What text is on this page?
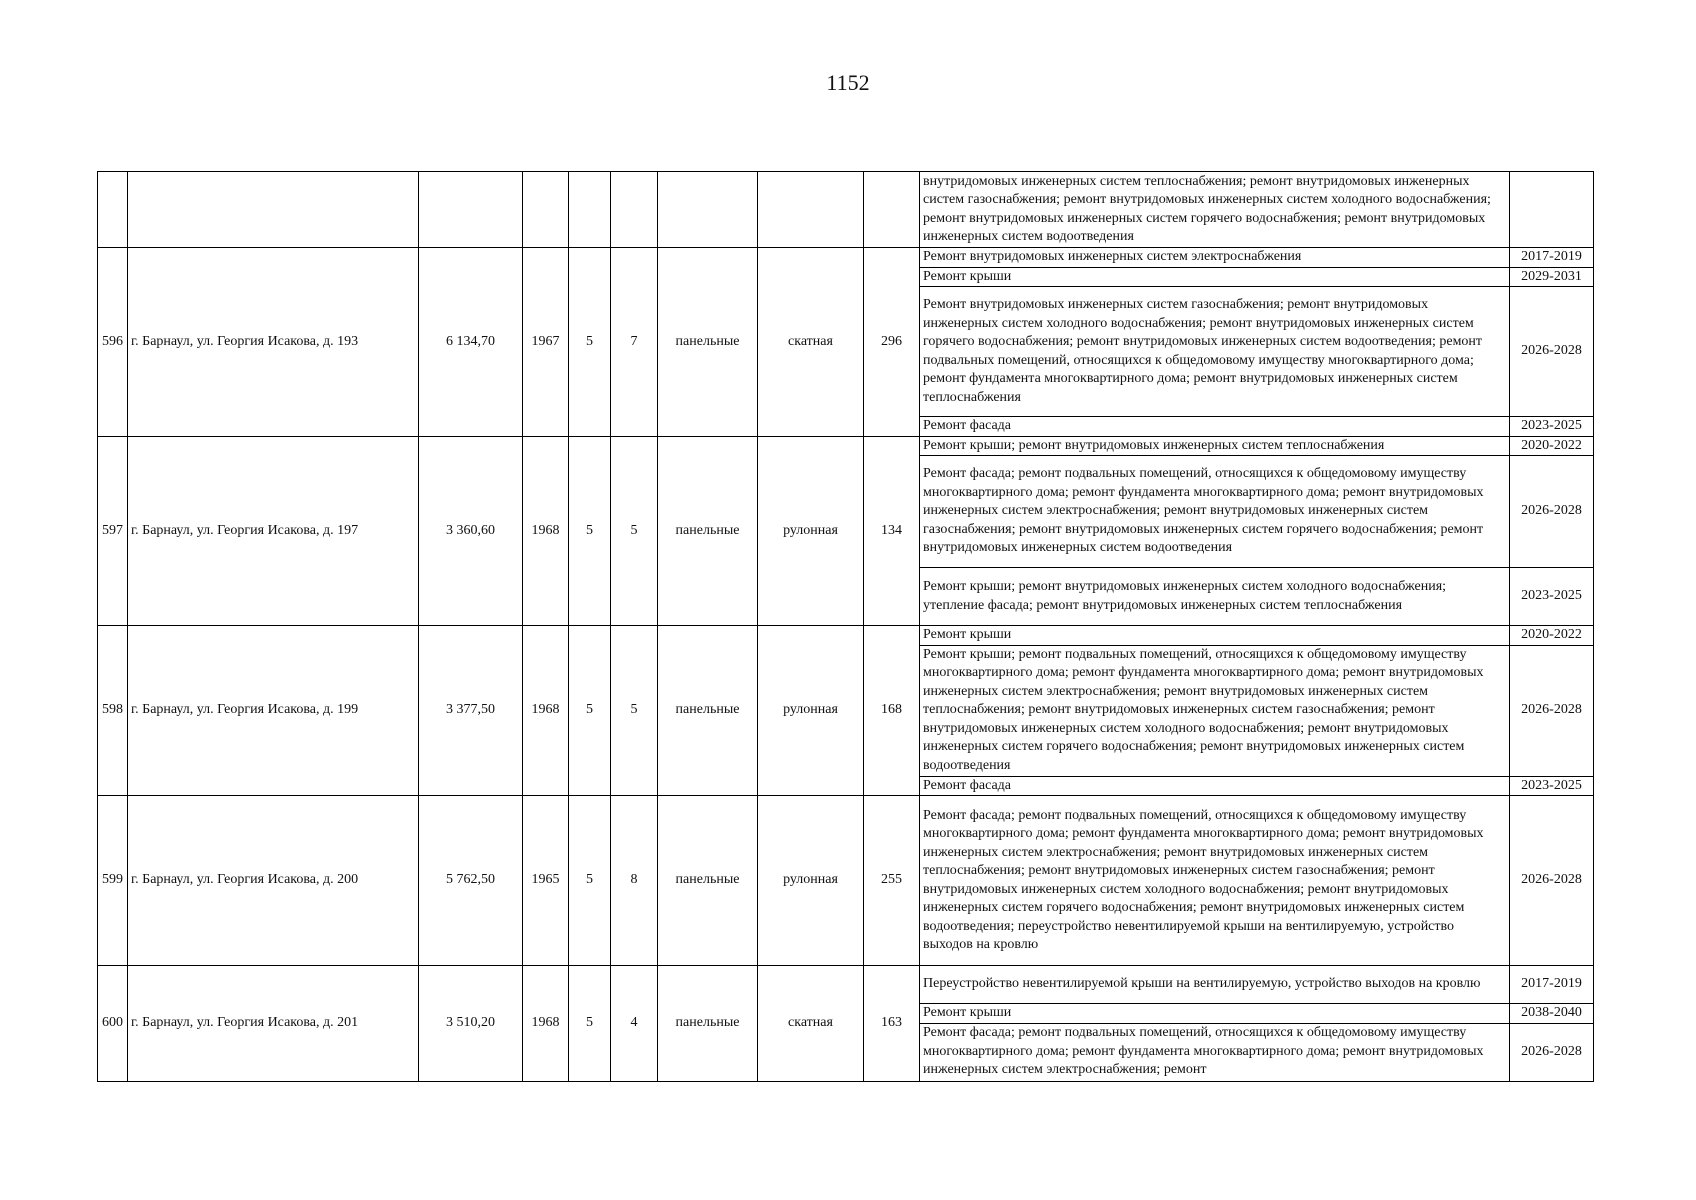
1152
									внутридомовых инженерных систем теплоснабжения; ремонт внутридомовых инженерных систем газоснабжения; ремонт внутридомовых инженерных систем холодного водоснабжения; ремонт внутридомовых инженерных систем горячего водоснабжения; ремонт внутридомовых инженерных систем водоотведения	
596	г. Барнаул, ул. Георгия Исакова, д. 193	6 134,70	1967	5	7	панельные	скатная	296	Ремонт внутридомовых инженерных систем электроснабжения	2017-2019
									Ремонт крыши	2029-2031
									Ремонт внутридомовых инженерных систем газоснабжения; ремонт внутридомовых инженерных систем холодного водоснабжения; ремонт внутридомовых инженерных систем горячего водоснабжения; ремонт внутридомовых инженерных систем водоотведения; ремонт подвальных помещений, относящихся к общедомовому имуществу многоквартирного дома; ремонт фундамента многоквартирного дома; ремонт внутридомовых инженерных систем теплоснабжения	2026-2028
									Ремонт фасада	2023-2025
597	г. Барнаул, ул. Георгия Исакова, д. 197	3 360,60	1968	5	5	панельные	рулонная	134	Ремонт крыши; ремонт внутридомовых инженерных систем теплоснабжения	2020-2022
									Ремонт фасада; ремонт подвальных помещений, относящихся к общедомовому имуществу многоквартирного дома; ремонт фундамента многоквартирного дома; ремонт внутридомовых инженерных систем электроснабжения; ремонт внутридомовых инженерных систем газоснабжения; ремонт внутридомовых инженерных систем горячего водоснабжения; ремонт внутридомовых инженерных систем водоотведения	2026-2028
									Ремонт крыши; ремонт внутридомовых инженерных систем холодного водоснабжения; утепление фасада; ремонт внутридомовых инженерных систем теплоснабжения	2023-2025
598	г. Барнаул, ул. Георгия Исакова, д. 199	3 377,50	1968	5	5	панельные	рулонная	168	Ремонт крыши	2020-2022
									Ремонт крыши; ремонт подвальных помещений, относящихся к общедомовому имуществу многоквартирного дома; ремонт фундамента многоквартирного дома; ремонт внутридомовых инженерных систем электроснабжения; ремонт внутридомовых инженерных систем теплоснабжения; ремонт внутридомовых инженерных систем газоснабжения; ремонт внутридомовых инженерных систем холодного водоснабжения; ремонт внутридомовых инженерных систем горячего водоснабжения; ремонт внутридомовых инженерных систем водоотведения	2026-2028
									Ремонт фасада	2023-2025
599	г. Барнаул, ул. Георгия Исакова, д. 200	5 762,50	1965	5	8	панельные	рулонная	255	Ремонт фасада; ремонт подвальных помещений, относящихся к общедомовому имуществу многоквартирного дома; ремонт фундамента многоквартирного дома; ремонт внутридомовых инженерных систем электроснабжения; ремонт внутридомовых инженерных систем теплоснабжения; ремонт внутридомовых инженерных систем газоснабжения; ремонт внутридомовых инженерных систем холодного водоснабжения; ремонт внутридомовых инженерных систем горячего водоснабжения; ремонт внутридомовых инженерных систем водоотведения; переустройство невентилируемой крыши на вентилируемую, устройство выходов на кровлю	2026-2028
600	г. Барнаул, ул. Георгия Исакова, д. 201	3 510,20	1968	5	4	панельные	скатная	163	Переустройство невентилируемой крыши на вентилируемую, устройство выходов на кровлю	2017-2019
									Ремонт крыши	2038-2040
									Ремонт фасада; ремонт подвальных помещений, относящихся к общедомовому имуществу многоквартирного дома; ремонт фундамента многоквартирного дома; ремонт внутридомовых инженерных систем электроснабжения; ремонт	2026-2028
